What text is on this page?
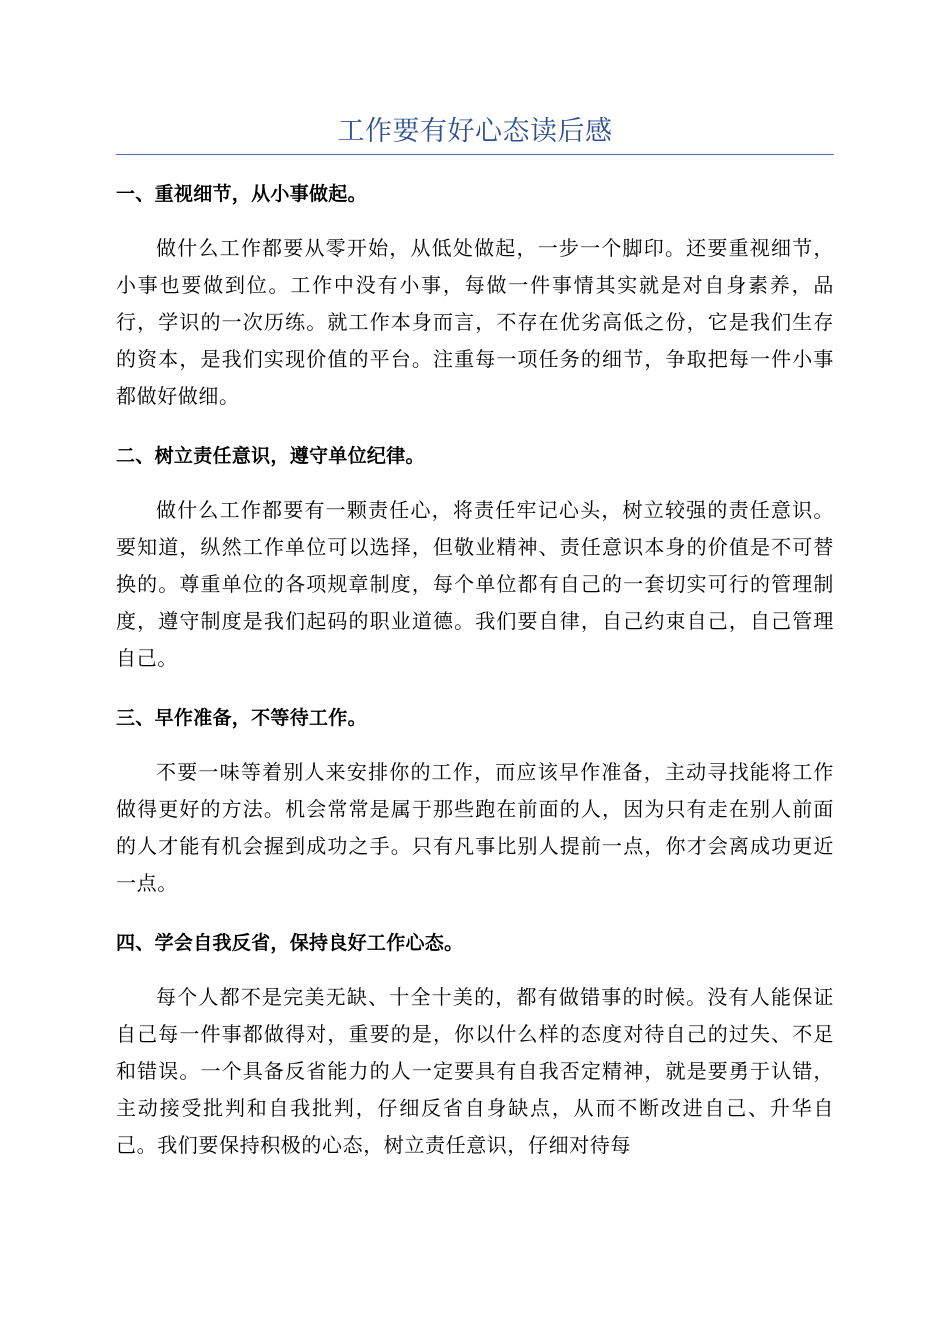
工作要有好心态读后感
一、重视细节，从小事做起。
做什么工作都要从零开始，从低处做起，一步一个脚印。还要重视细节，小事也要做到位。工作中没有小事，每做一件事情其实就是对自身素养，品行，学识的一次历练。就工作本身而言，不存在优劣高低之份，它是我们生存的资本，是我们实现价值的平台。注重每一项任务的细节，争取把每一件小事都做好做细。
二、树立责任意识，遵守单位纪律。
做什么工作都要有一颗责任心，将责任牢记心头，树立较强的责任意识。要知道，纵然工作单位可以选择，但敬业精神、责任意识本身的价值是不可替换的。尊重单位的各项规章制度，每个单位都有自己的一套切实可行的管理制度，遵守制度是我们起码的职业道德。我们要自律，自己约束自己，自己管理自己。
三、早作准备，不等待工作。
不要一味等着别人来安排你的工作，而应该早作准备，主动寻找能将工作做得更好的方法。机会常常是属于那些跑在前面的人，因为只有走在别人前面的人才能有机会握到成功之手。只有凡事比别人提前一点，你才会离成功更近一点。
四、学会自我反省，保持良好工作心态。
每个人都不是完美无缺、十全十美的，都有做错事的时候。没有人能保证自己每一件事都做得对，重要的是，你以什么样的态度对待自己的过失、不足和错误。一个具备反省能力的人一定要具有自我否定精神，就是要勇于认错，主动接受批判和自我批判，仔细反省自身缺点，从而不断改进自己、升华自己。我们要保持积极的心态，树立责任意识，仔细对待每
